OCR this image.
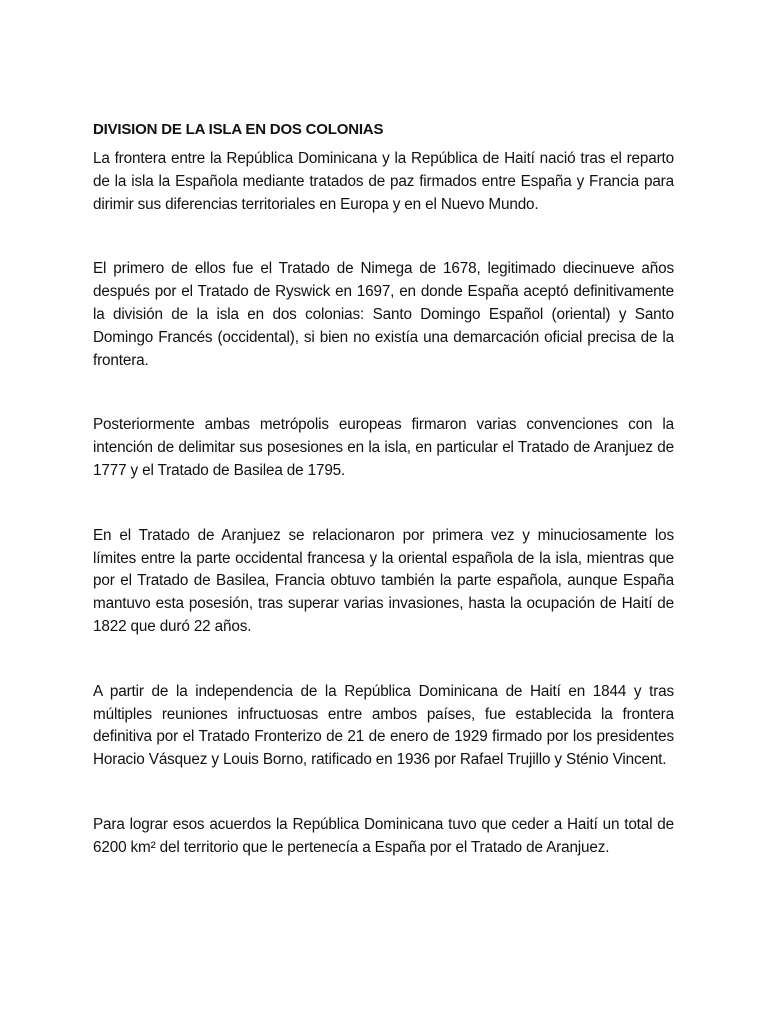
DIVISION DE LA ISLA EN DOS COLONIAS

La frontera entre la República Dominicana y la República de Haití nació tras el reparto de la isla la Española mediante tratados de paz firmados entre España y Francia para dirimir sus diferencias territoriales en Europa y en el Nuevo Mundo.

El primero de ellos fue el Tratado de Nimega de 1678, legitimado diecinueve años después por el Tratado de Ryswick en 1697, en donde España aceptó definitivamente la división de la isla en dos colonias: Santo Domingo Español (oriental) y Santo Domingo Francés (occidental), si bien no existía una demarcación oficial precisa de la frontera.

Posteriormente ambas metrópolis europeas firmaron varias convenciones con la intención de delimitar sus posesiones en la isla, en particular el Tratado de Aranjuez de 1777 y el Tratado de Basilea de 1795.

En el Tratado de Aranjuez se relacionaron por primera vez y minuciosamente los límites entre la parte occidental francesa y la oriental española de la isla, mientras que por el Tratado de Basilea, Francia obtuvo también la parte española, aunque España mantuvo esta posesión, tras superar varias invasiones, hasta la ocupación de Haití de 1822 que duró 22 años.

A partir de la independencia de la República Dominicana de Haití en 1844 y tras múltiples reuniones infructuosas entre ambos países, fue establecida la frontera definitiva por el Tratado Fronterizo de 21 de enero de 1929 firmado por los presidentes Horacio Vásquez y Louis Borno, ratificado en 1936 por Rafael Trujillo y Sténio Vincent.

Para lograr esos acuerdos la República Dominicana tuvo que ceder a Haití un total de 6200 km² del territorio que le pertenecía a España por el Tratado de Aranjuez.
